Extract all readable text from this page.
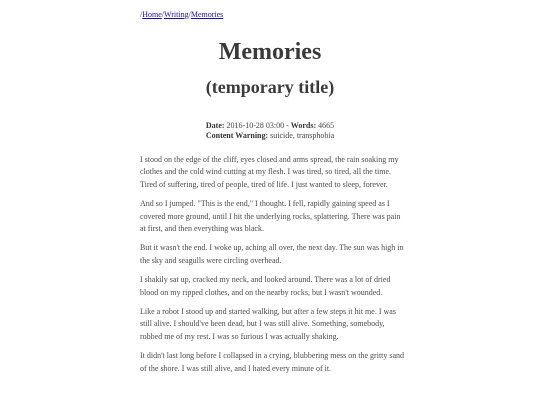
/Home/Writing/Memories
Memories
(temporary title)
Date: 2016-10-28 03:00 - Words: 4665
Content Warning: suicide, transphobia

I stood on the edge of the cliff, eyes closed and arms spread, the rain soaking my clothes and the cold wind cutting at my flesh. I was tired, so tired, all the time. Tired of suffering, tired of people, tired of life. I just wanted to sleep, forever.

And so I jumped. "This is the end," I thought. I fell, rapidly gaining speed as I covered more ground, until I hit the underlying rocks, splattering. There was pain at first, and then everything was black.

But it wasn't the end. I woke up, aching all over, the next day. The sun was high in the sky and seagulls were circling overhead.

I shakily sat up, cracked my neck, and looked around. There was a lot of dried blood on my ripped clothes, and on the nearby rocks, but I wasn't wounded.

Like a robot I stood up and started walking, but after a few steps it hit me. I was still alive. I should've been dead, but I was still alive. Something, somebody, robbed me of my rest. I was so furious I was actually shaking.

It didn't last long before I collapsed in a crying, blubbering mess on the gritty sand of the shore. I was still alive, and I hated every minute of it.
